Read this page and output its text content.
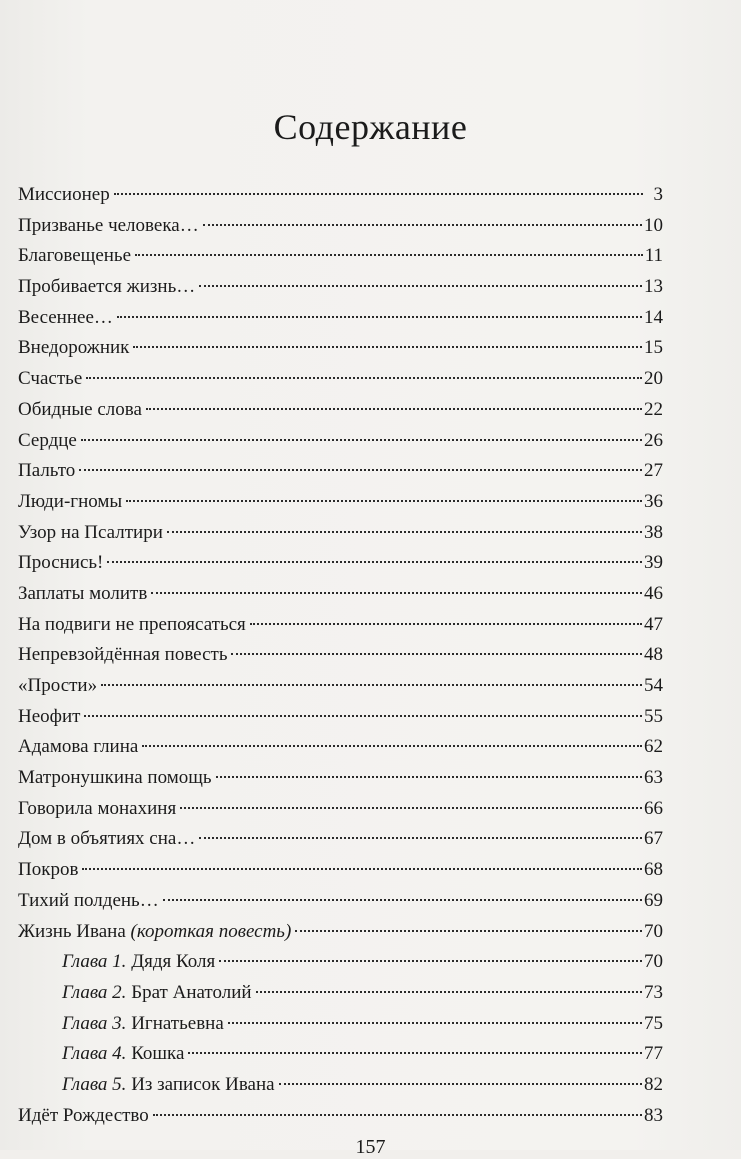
Содержание
Миссионер	3
Призванье человека…	10
Благовещенье	11
Пробивается жизнь…	13
Весеннее…	14
Внедорожник	15
Счастье	20
Обидные слова	22
Сердце	26
Пальто	27
Люди-гномы	36
Узор на Псалтири	38
Проснись!	39
Заплаты молитв	46
На подвиги не препоясаться	47
Непревзойдённая повесть	48
«Прости»	54
Неофит	55
Адамова глина	62
Матронушкина помощь	63
Говорила монахиня	66
Дом в объятиях сна…	67
Покров	68
Тихий полдень…	69
Жизнь Ивана (короткая повесть)	70
Глава 1. Дядя Коля	70
Глава 2. Брат Анатолий	73
Глава 3. Игнатьевна	75
Глава 4. Кошка	77
Глава 5. Из записок Ивана	82
Идёт Рождество	83
157
